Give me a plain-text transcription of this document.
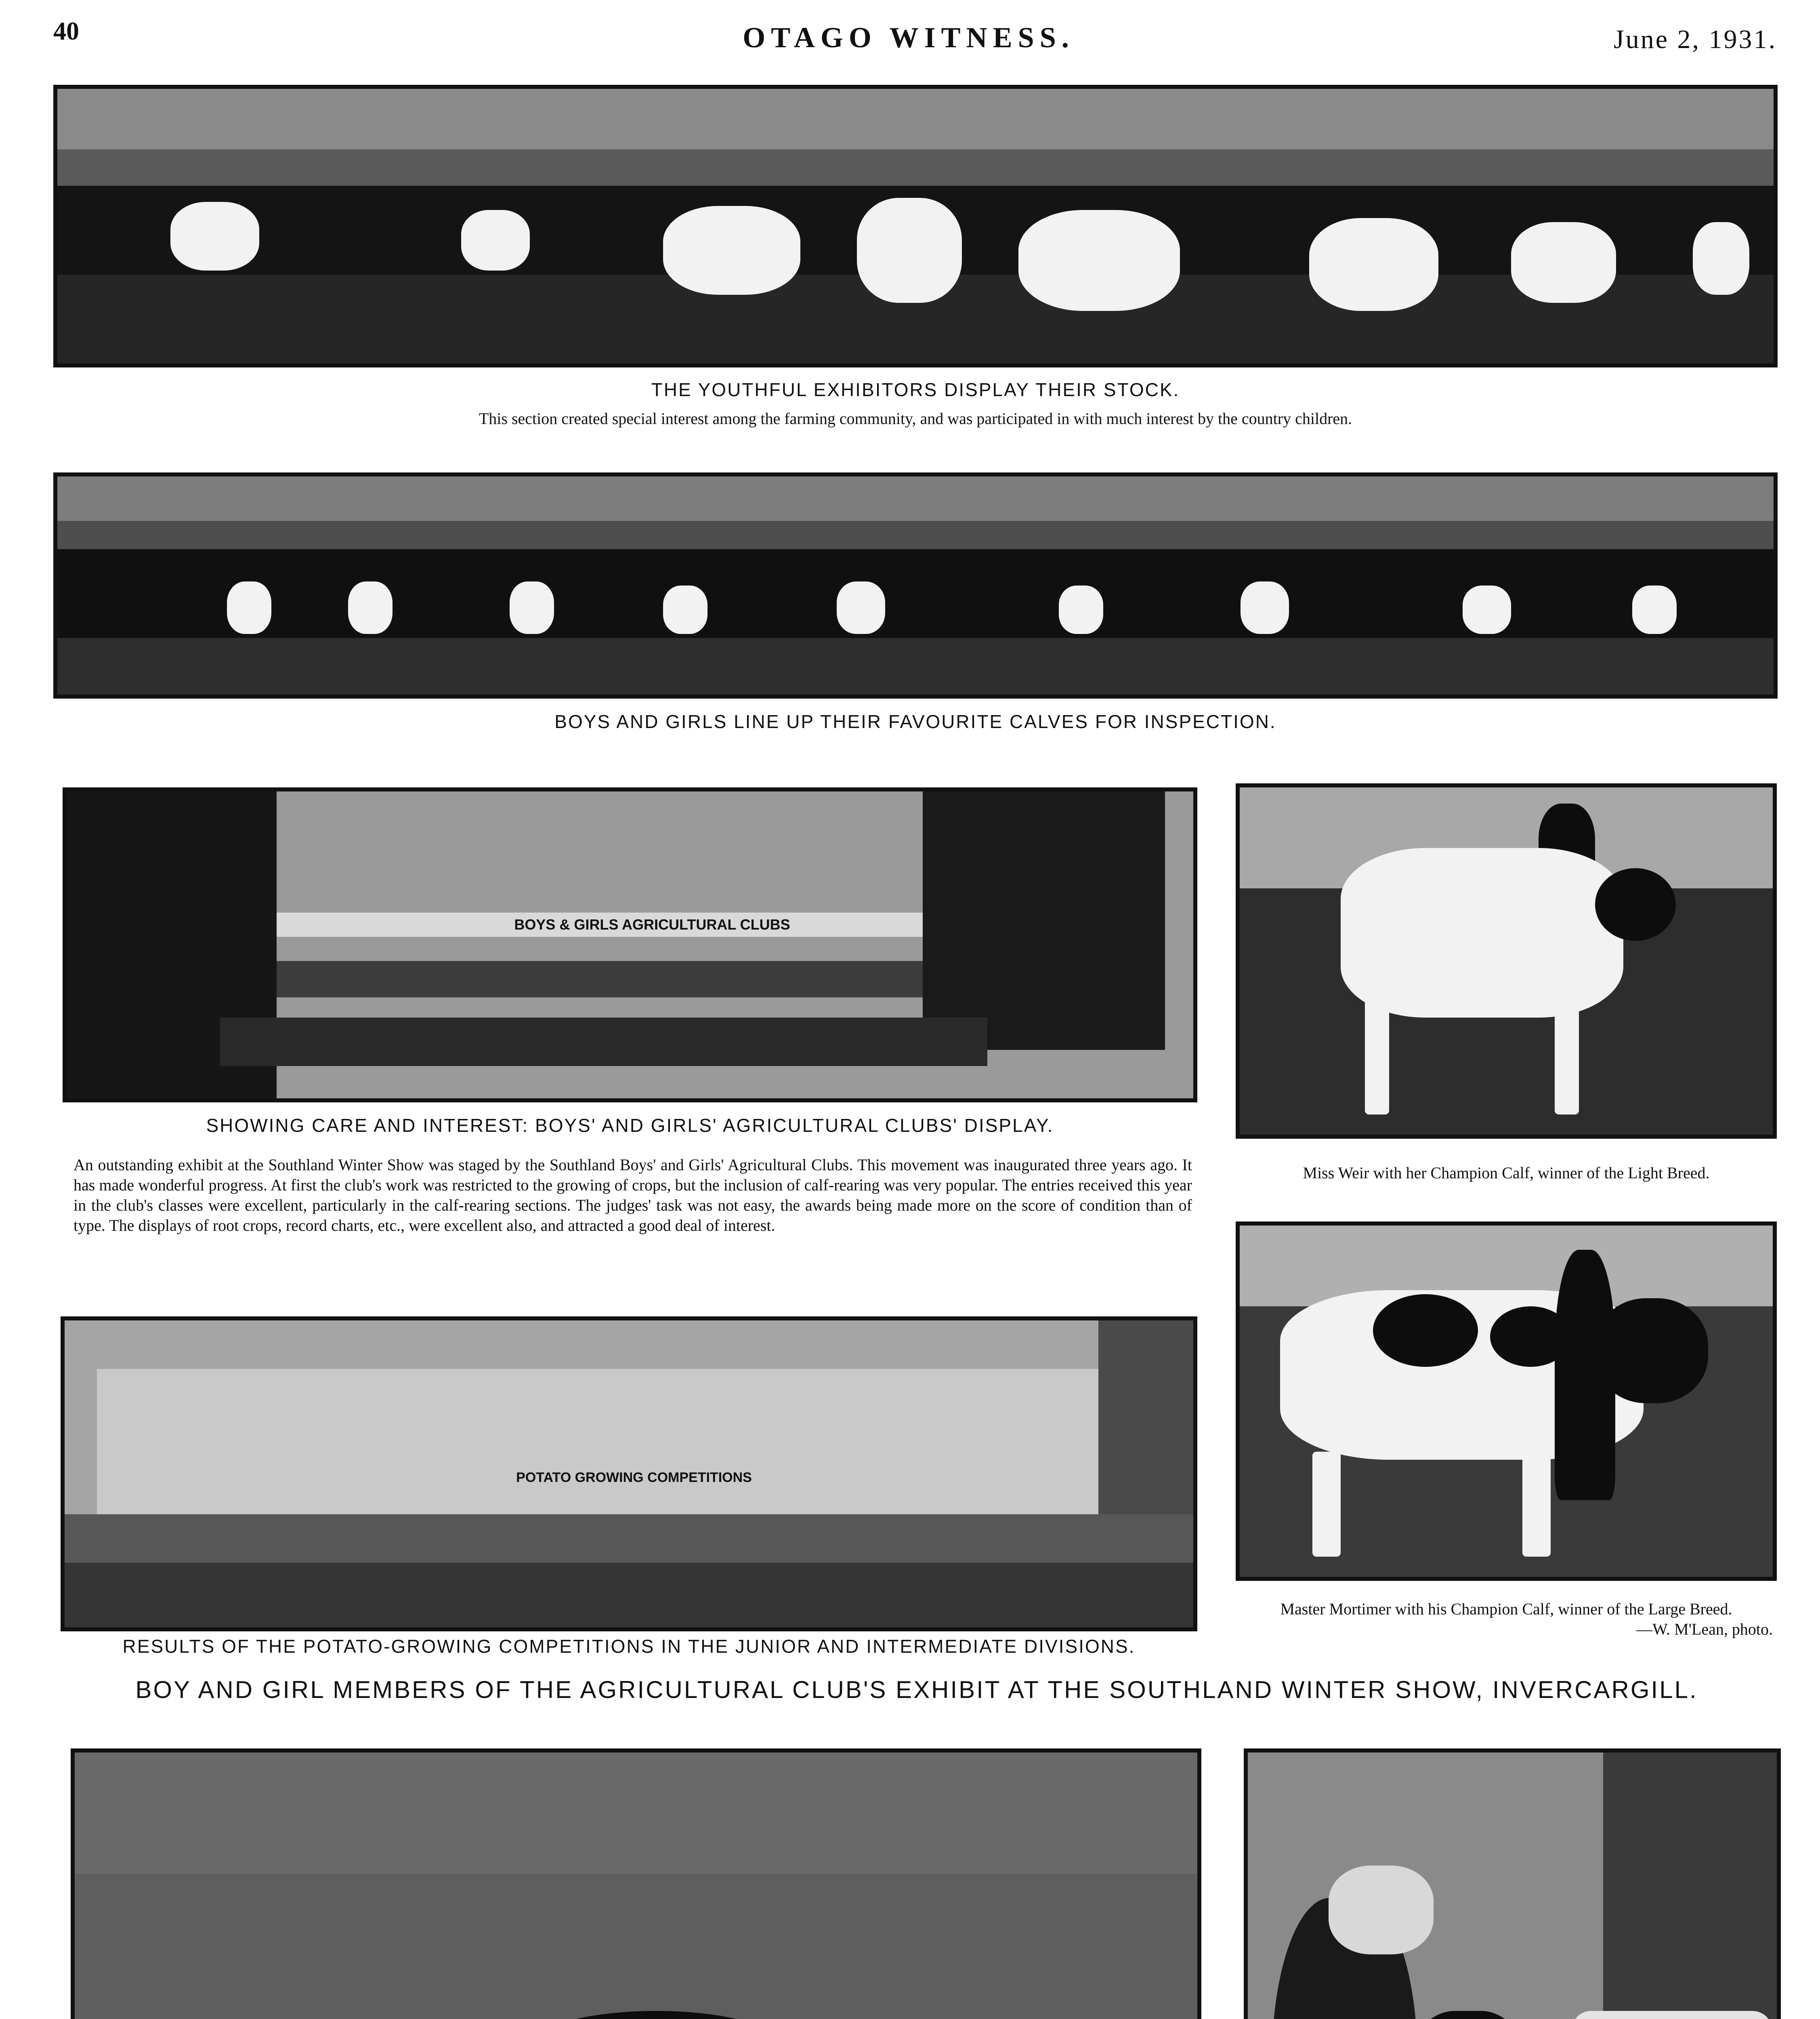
40	OTAGO WITNESS.	June 2, 1931.
THE YOUTHFUL EXHIBITORS DISPLAY THEIR STOCK.
This section created special interest among the farming community, and was participated in with much interest by the country children.
BOYS AND GIRLS LINE UP THEIR FAVOURITE CALVES FOR INSPECTION.
BOYS & GIRLS AGRICULTURAL CLUBS
SHOWING CARE AND INTEREST: BOYS' AND GIRLS' AGRICULTURAL CLUBS' DISPLAY.
An outstanding exhibit at the Southland Winter Show was staged by the Southland Boys' and Girls' Agricultural Clubs. This movement was inaugurated three years ago. It has made wonderful progress. At first the club's work was restricted to the growing of crops, but the inclusion of calf-rearing was very popular. The entries received this year in the club's classes were excellent, particularly in the calf-rearing sections. The judges' task was not easy, the awards being made more on the score of condition than of type. The displays of root crops, record charts, etc., were excellent also, and attracted a good deal of interest.
Miss Weir with her Champion Calf, winner of the Light Breed.
POTATO GROWING COMPETITIONS
RESULTS OF THE POTATO-GROWING COMPETITIONS IN THE JUNIOR AND INTERMEDIATE DIVISIONS.
Master Mortimer with his Champion Calf, winner of the Large Breed.
—W. M'Lean, photo.
BOY AND GIRL MEMBERS OF THE AGRICULTURAL CLUB'S EXHIBIT AT THE SOUTHLAND WINTER SHOW, INVERCARGILL.
